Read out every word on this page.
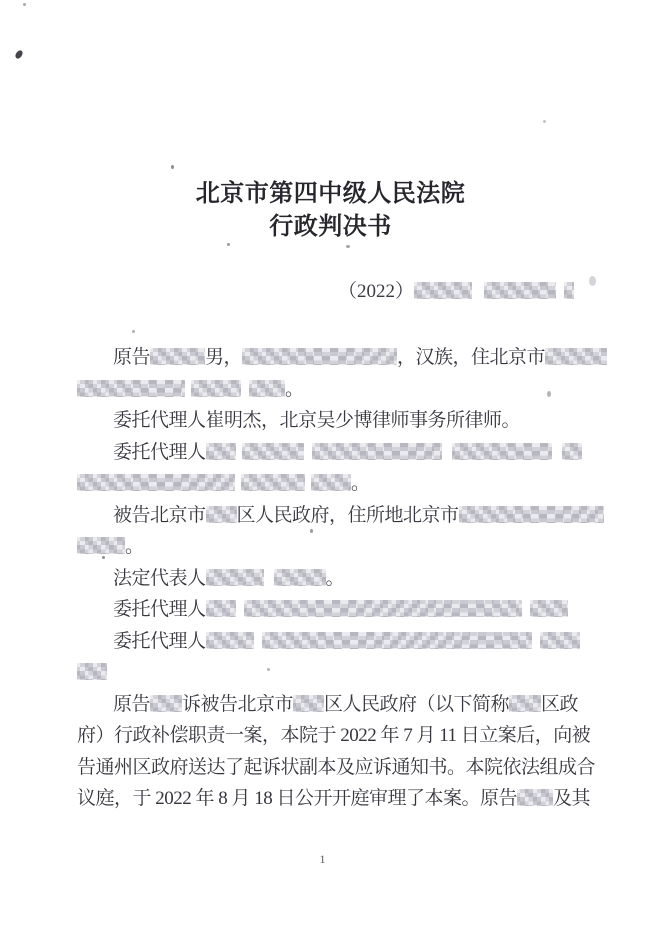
北京市第四中级人民法院
行政判决书
（2022）
原告	男，	，汉族，住北京市
。
委托代理人崔明杰，北京吴少博律师事务所律师。
委托代理人
。
被告北京市 区人民政府，住所地北京市
。
法定代表人	。
委托代理人
委托代理人
原告 诉被告北京市 区人民政府（以下简称 区政
府）行政补偿职责一案，本院于 2022 年 7 月 11 日立案后，向被
告通州区政府送达了起诉状副本及应诉通知书。本院依法组成合
议庭，于 2022 年 8 月 18 日公开开庭审理了本案。原告 及其
1
